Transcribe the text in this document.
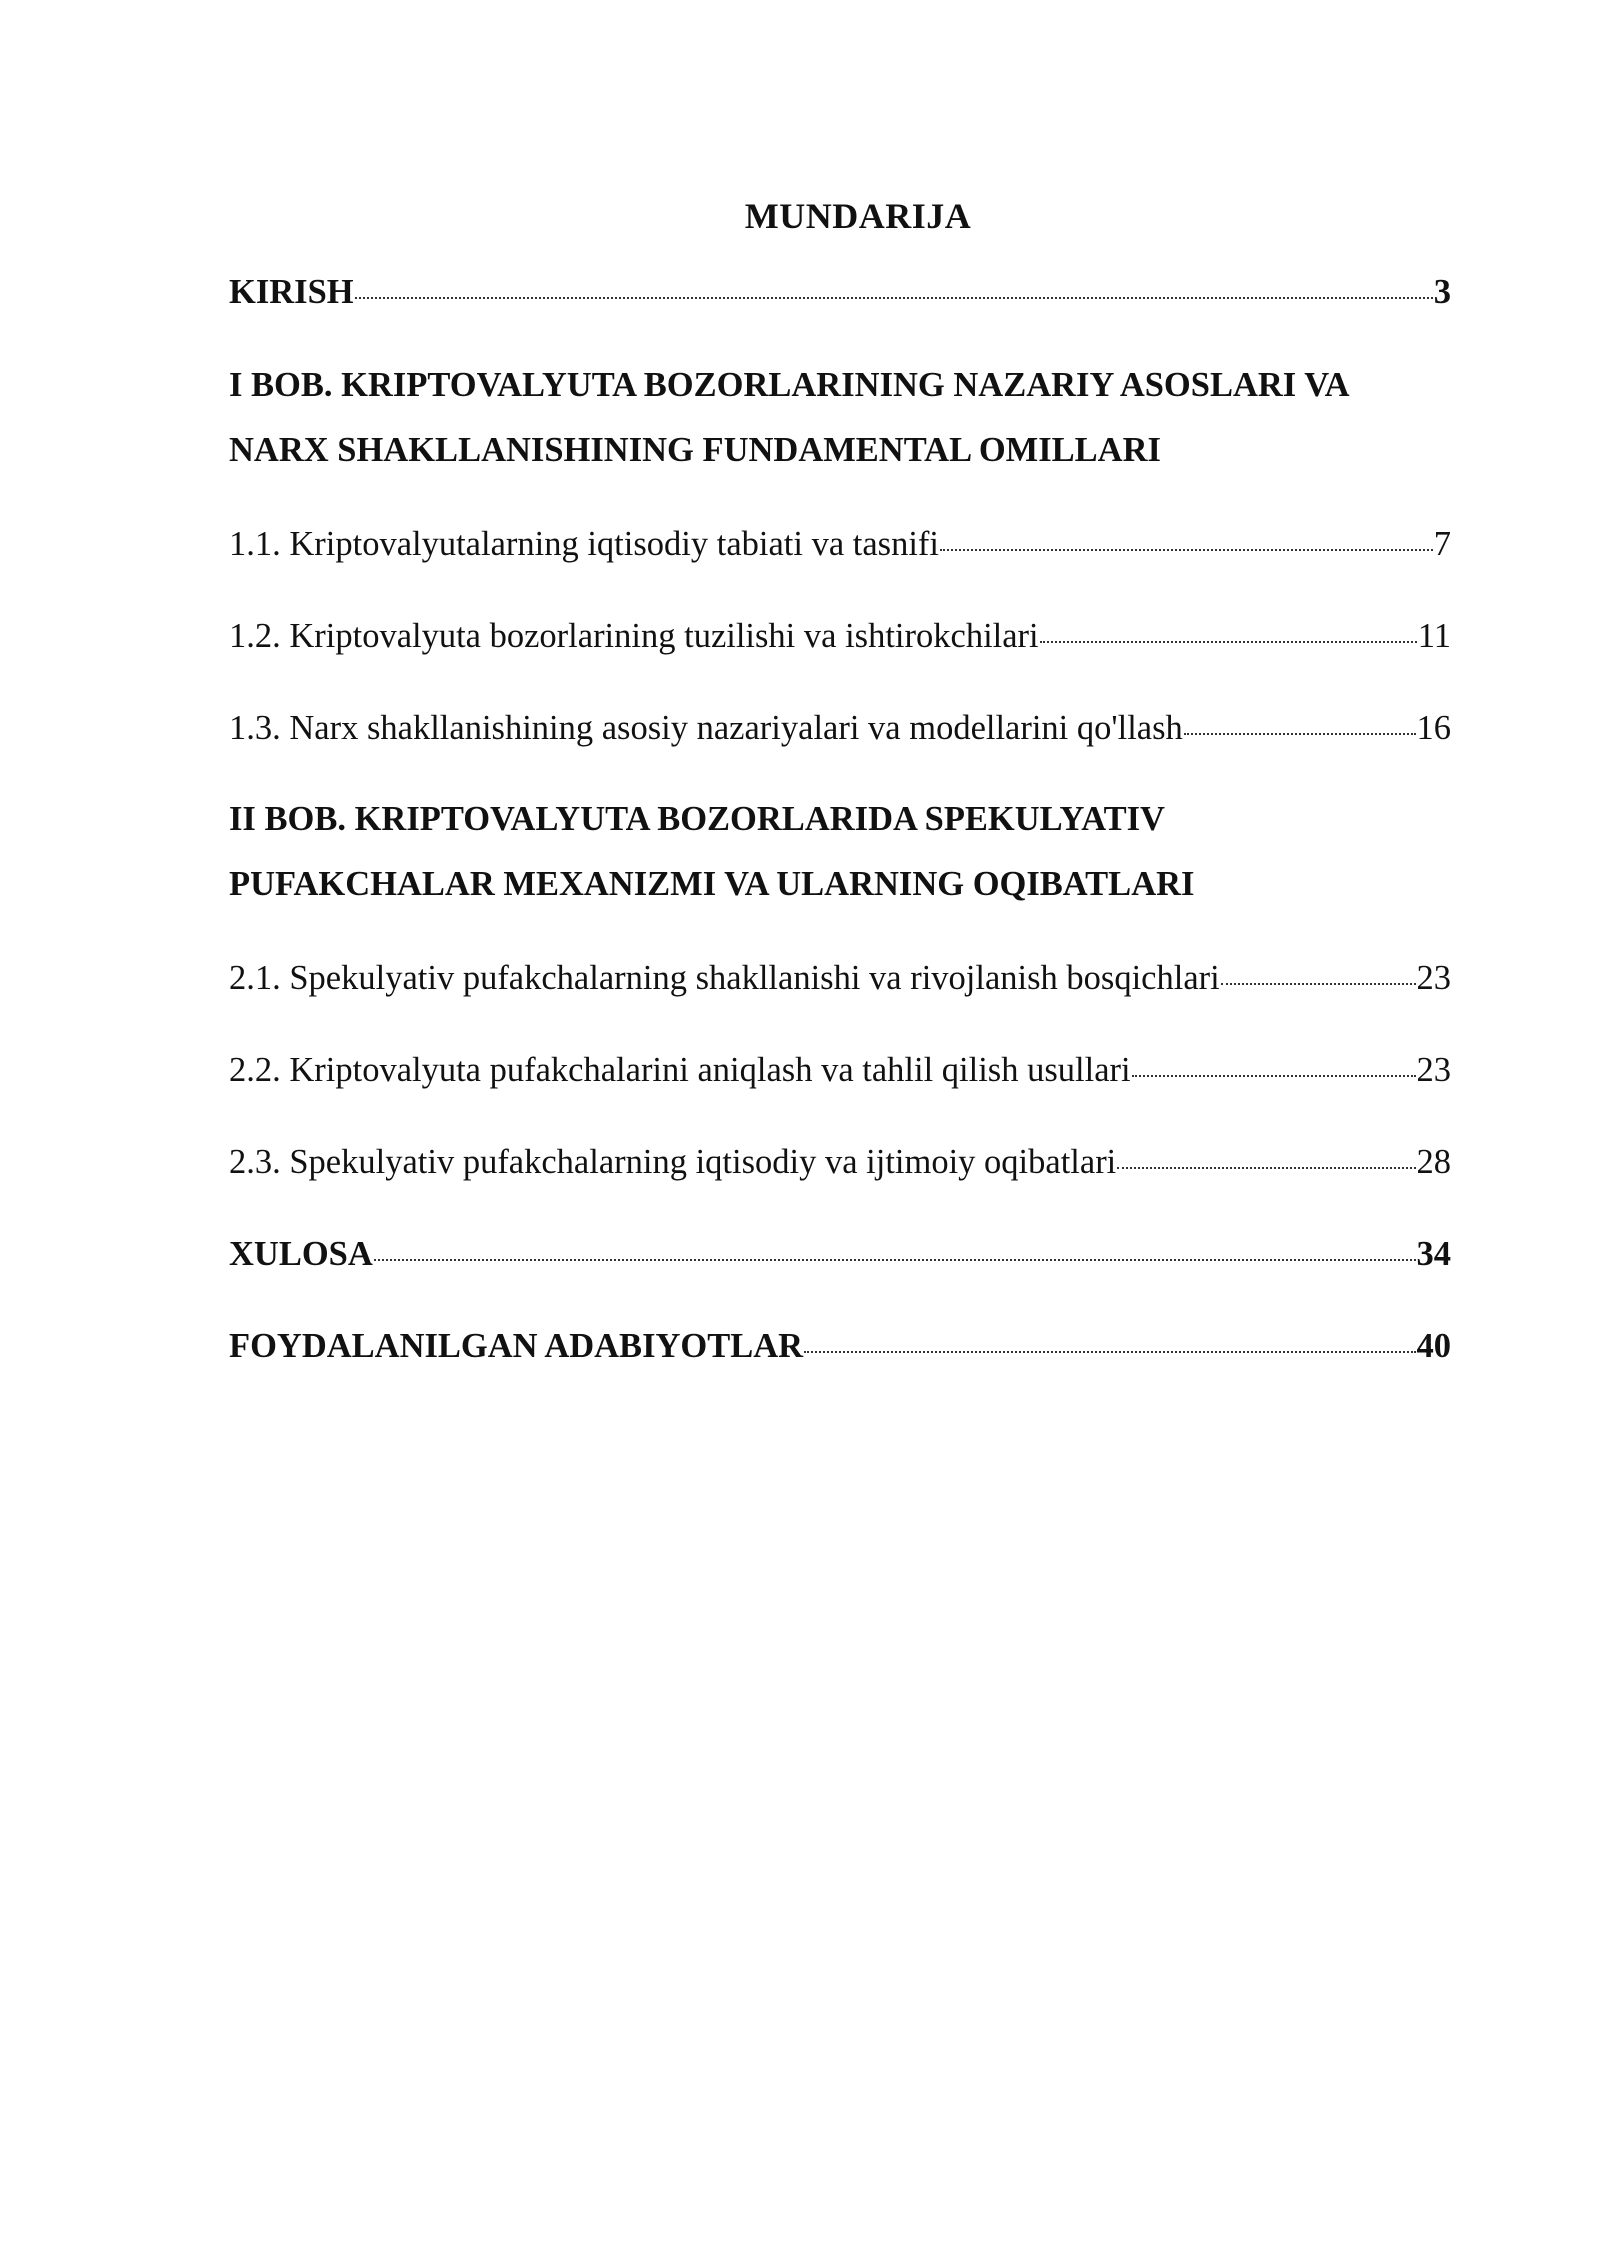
MUNDARIJA
KIRISH	3
I BOB. KRIPTOVALYUTA BOZORLARINING NAZARIY ASOSLARI VA
NARX SHAKLLANISHINING FUNDAMENTAL OMILLARI
1.1. Kriptovalyutalarning iqtisodiy tabiati va tasnifi	7
1.2. Kriptovalyuta bozorlarining tuzilishi va ishtirokchilari	11
1.3. Narx shakllanishining asosiy nazariyalari va modellarini qo'llash	16
II BOB. KRIPTOVALYUTA BOZORLARIDA SPEKULYATIV
PUFAKCHALAR MEXANIZMI VA ULARNING OQIBATLARI
2.1. Spekulyativ pufakchalarning shakllanishi va rivojlanish bosqichlari	23
2.2. Kriptovalyuta pufakchalarini aniqlash va tahlil qilish usullari	23
2.3. Spekulyativ pufakchalarning iqtisodiy va ijtimoiy oqibatlari	28
XULOSA	34
FOYDALANILGAN ADABIYOTLAR	40
